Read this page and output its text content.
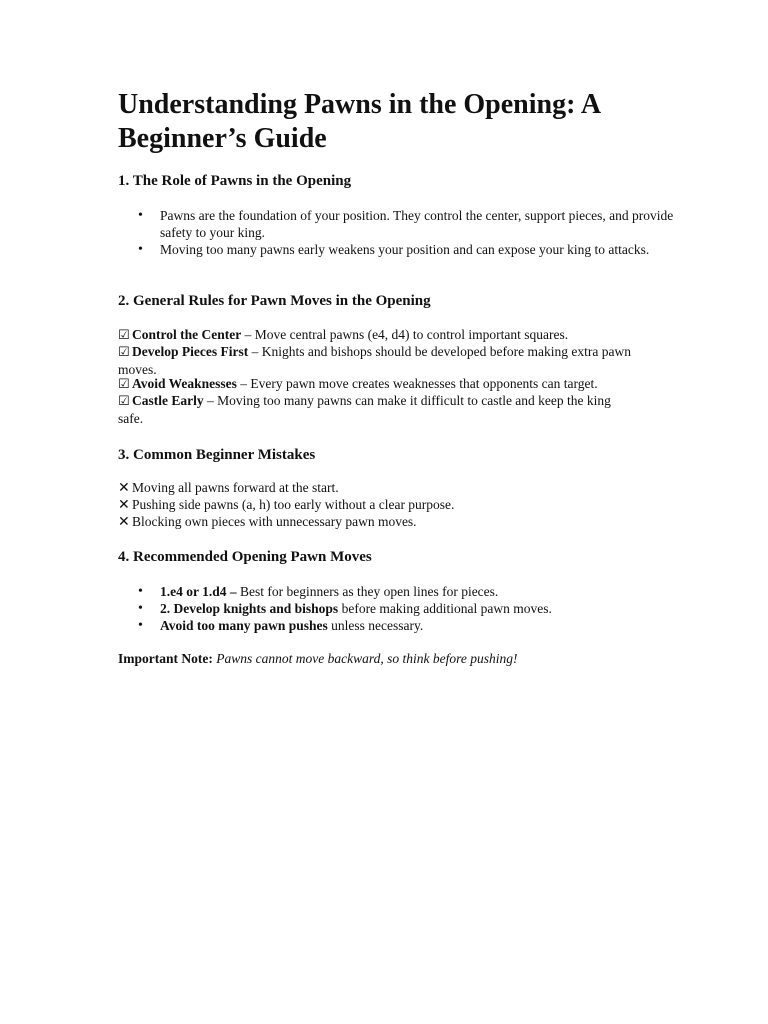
Understanding Pawns in the Opening: A Beginner’s Guide
1. The Role of Pawns in the Opening
• Pawns are the foundation of your position. They control the center, support pieces, and provide safety to your king.
• Moving too many pawns early weakens your position and can expose your king to attacks.
2. General Rules for Pawn Moves in the Opening
☑ Control the Center – Move central pawns (e4, d4) to control important squares.
☑ Develop Pieces First – Knights and bishops should be developed before making extra pawn moves.
☑ Avoid Weaknesses – Every pawn move creates weaknesses that opponents can target.
☑ Castle Early – Moving too many pawns can make it difficult to castle and keep the king safe.
3. Common Beginner Mistakes
✕ Moving all pawns forward at the start.
✕ Pushing side pawns (a, h) too early without a clear purpose.
✕ Blocking own pieces with unnecessary pawn moves.
4. Recommended Opening Pawn Moves
• 1.e4 or 1.d4 – Best for beginners as they open lines for pieces.
• 2. Develop knights and bishops before making additional pawn moves.
• Avoid too many pawn pushes unless necessary.
Important Note: Pawns cannot move backward, so think before pushing!
